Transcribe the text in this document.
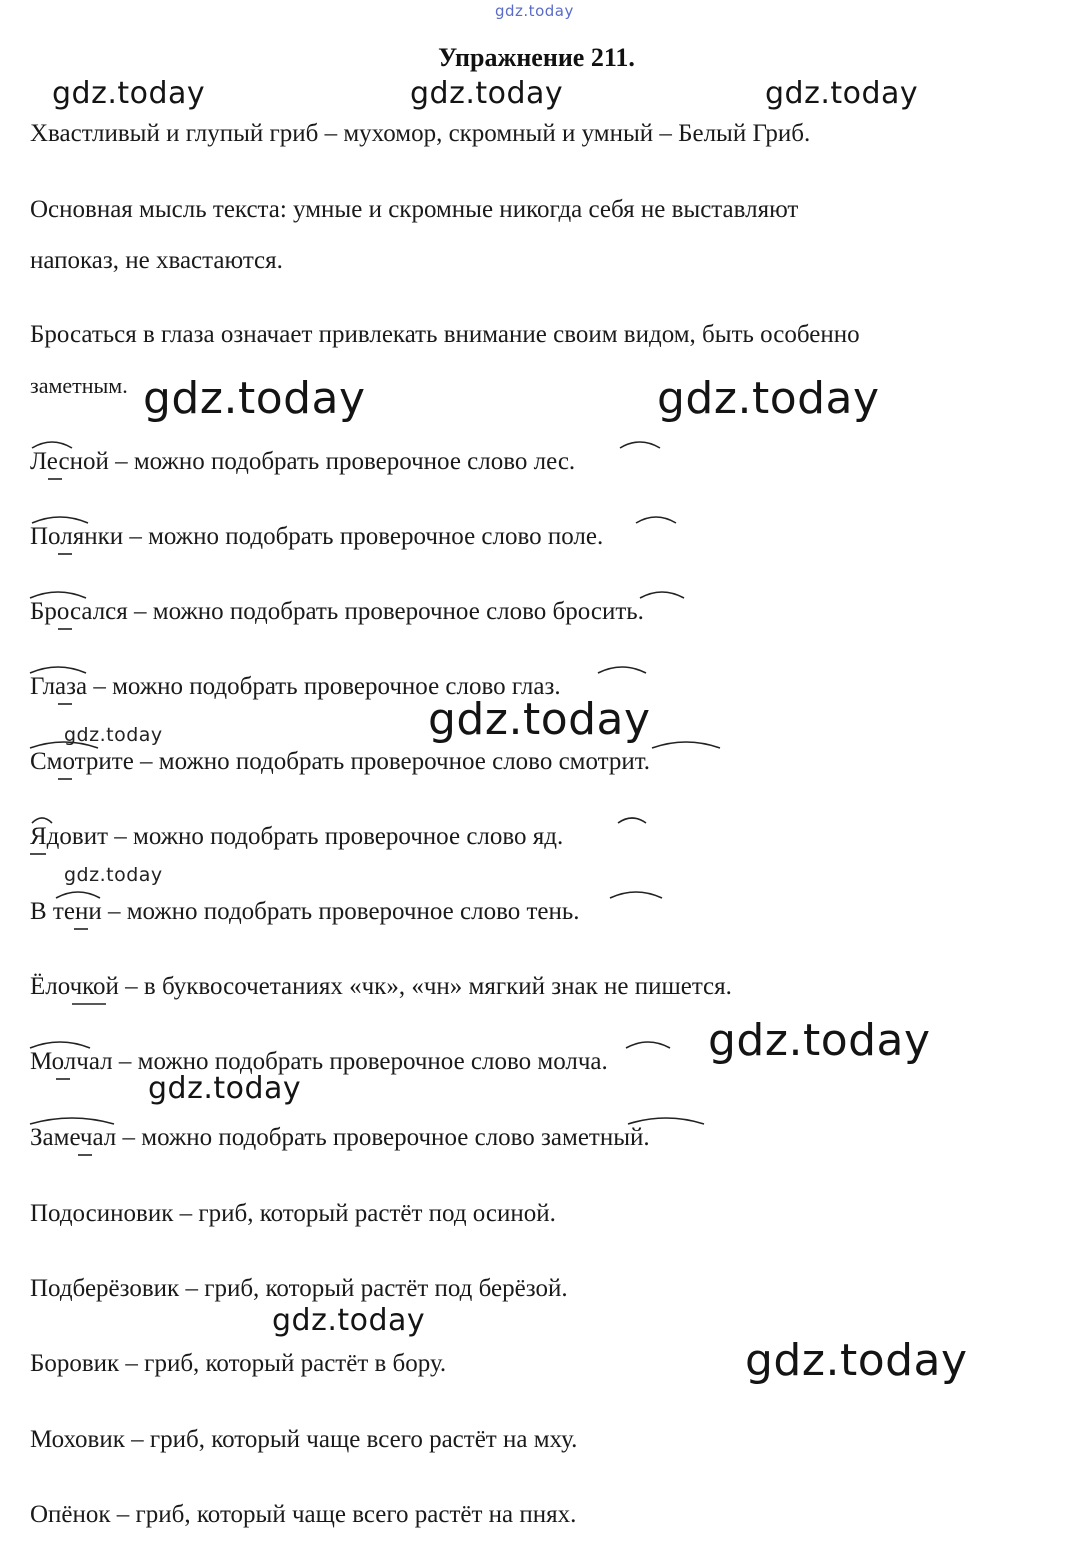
gdz.today
Упражнение 211.
gdz.today	gdz.today	gdz.today
gdz.today	gdz.today
gdz.today
gdz.today
gdz.today
gdz.today
gdz.today
gdz.today
gdz.today
Хвастливый и глупый гриб – мухомор, скромный и умный – Белый Гриб.
Основная мысль текста: умные и скромные никогда себя не выставляют
напоказ, не хвастаются.
Бросаться в глаза означает привлекать внимание своим видом, быть особенно
заметным.
Лесной – можно подобрать проверочное слово лес.
Полянки – можно подобрать проверочное слово поле.
Бросался – можно подобрать проверочное слово бросить.
Глаза – можно подобрать проверочное слово глаз.
Смотрите – можно подобрать проверочное слово смотрит.
Ядовит – можно подобрать проверочное слово яд.
В тени – можно подобрать проверочное слово тень.
Ёлочкой – в буквосочетаниях «чк», «чн» мягкий знак не пишется.
Молчал – можно подобрать проверочное слово молча.
Замечал – можно подобрать проверочное слово заметный.
Подосиновик – гриб, который растёт под осиной.
Подберёзовик – гриб, который растёт под берёзой.
Боровик – гриб, который растёт в бору.
Моховик – гриб, который чаще всего растёт на мху.
Опёнок – гриб, который чаще всего растёт на пнях.
